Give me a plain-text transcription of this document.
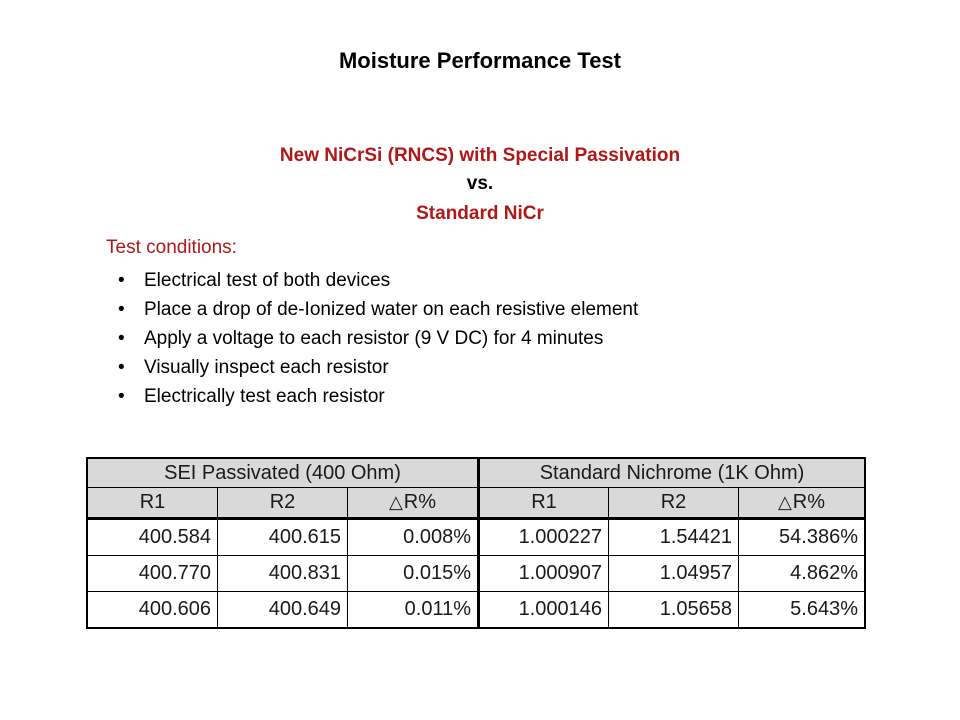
Moisture Performance Test
New NiCrSi (RNCS) with Special Passivation
vs.
Standard NiCr
Test conditions:
• Electrical test of both devices
• Place a drop of de-Ionized water on each resistive element
• Apply a voltage to each resistor (9 V DC) for 4 minutes
• Visually inspect each resistor
• Electrically test each resistor
SEI Passivated (400 Ohm)			Standard Nichrome (1K Ohm)		
R1	R2	△R%	R1	R2	△R%
400.584	400.615	0.008%	1.000227	1.54421	54.386%
400.770	400.831	0.015%	1.000907	1.04957	4.862%
400.606	400.649	0.011%	1.000146	1.05658	5.643%
